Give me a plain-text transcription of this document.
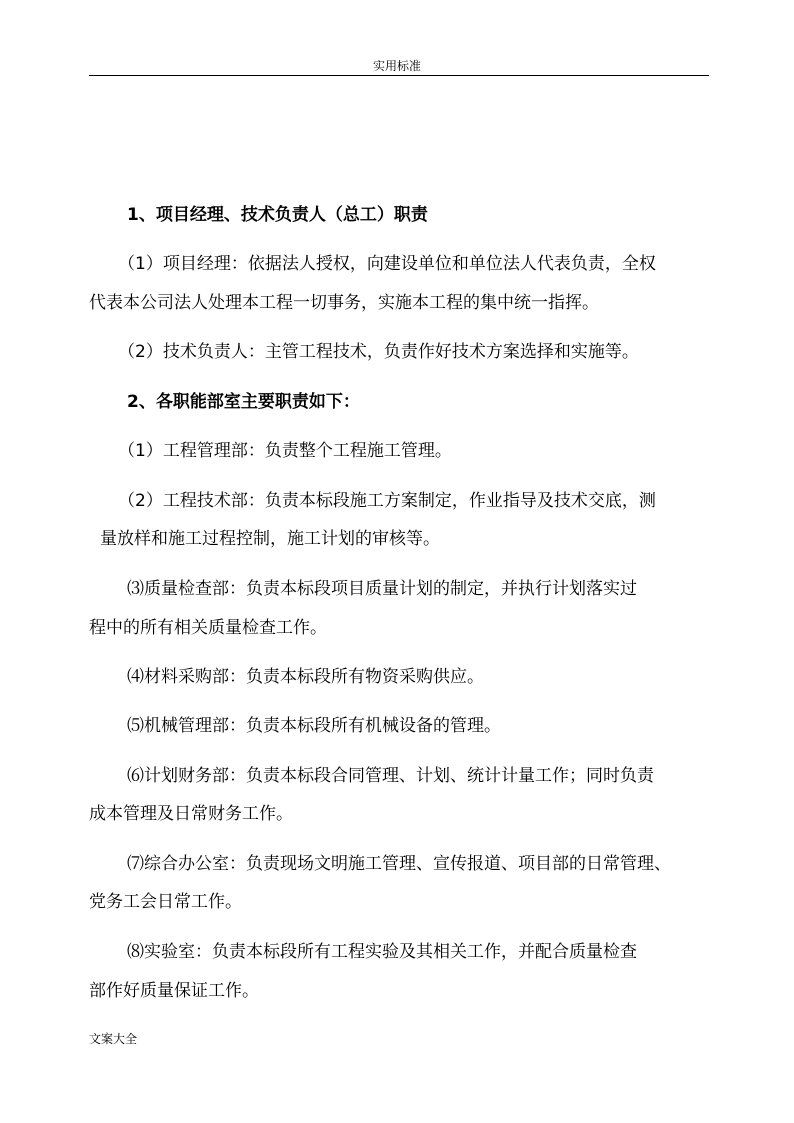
实用标准
1、项目经理、技术负责人（总工）职责
（1）项目经理：依据法人授权，向建设单位和单位法人代表负责，全权
代表本公司法人处理本工程一切事务，实施本工程的集中统一指挥。
（2）技术负责人：主管工程技术，负责作好技术方案选择和实施等。
2、各职能部室主要职责如下：
（1）工程管理部：负责整个工程施工管理。
（2）工程技术部：负责本标段施工方案制定，作业指导及技术交底，测
量放样和施工过程控制，施工计划的审核等。
⑶质量检查部：负责本标段项目质量计划的制定，并执行计划落实过
程中的所有相关质量检查工作。
⑷材料采购部：负责本标段所有物资采购供应。
⑸机械管理部：负责本标段所有机械设备的管理。
⑹计划财务部：负责本标段合同管理、计划、统计计量工作；同时负责
成本管理及日常财务工作。
⑺综合办公室：负责现场文明施工管理、宣传报道、项目部的日常管理、
党务工会日常工作。
⑻实验室：负责本标段所有工程实验及其相关工作，并配合质量检查
部作好质量保证工作。
文案大全
